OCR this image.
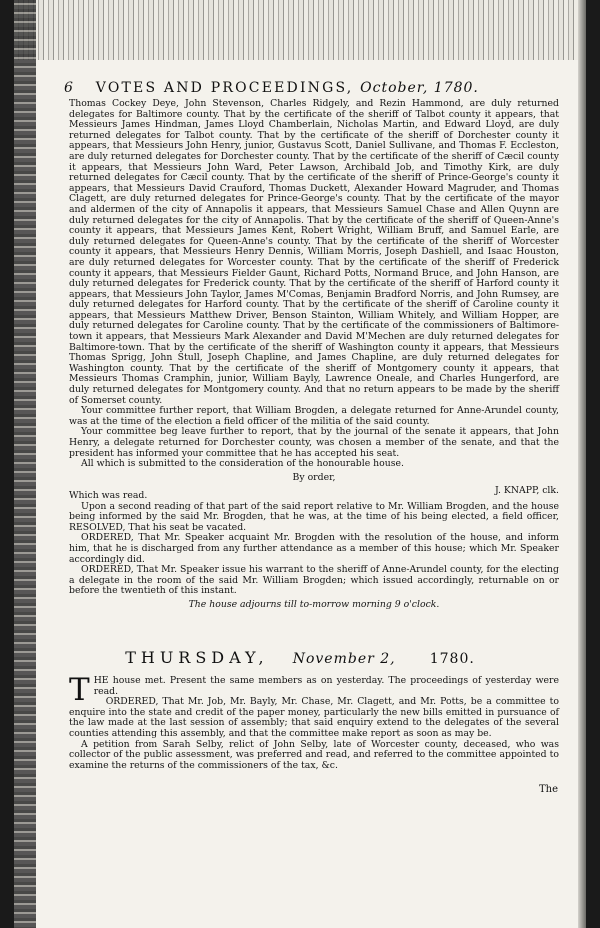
6 VOTES AND PROCEEDINGS, October, 1780.

Thomas Cockey Deye, John Stevenson, Charles Ridgely, and Rezin Hammond, are duly returned delegates for Baltimore county. That by the certificate of the sheriff of Talbot county it appears, that Messieurs James Hindman, James Lloyd Chamberlain, Nicholas Martin, and Edward Lloyd, are duly returned delegates for Talbot county. That by the certificate of the sheriff of Dorchester county it appears, that Messieurs John Henry, junior, Gustavus Scott, Daniel Sullivane, and Thomas F. Eccleston, are duly returned delegates for Dorchester county. That by the certificate of the sheriff of Cæcil county it appears, that Messieurs John Ward, Peter Lawson, Archibald Job, and Timothy Kirk, are duly returned delegates for Cæcil county. That by the certificate of the sheriff of Prince-George's county it appears, that Messieurs David Crauford, Thomas Duckett, Alexander Howard Magruder, and Thomas Clagett, are duly returned delegates for Prince-George's county. That by the certificate of the mayor and aldermen of the city of Annapolis it appears, that Messieurs Samuel Chase and Allen Quynn are duly returned delegates for the city of Annapolis. That by the certificate of the sheriff of Queen-Anne's county it appears, that Messieurs James Kent, Robert Wright, William Bruff, and Samuel Earle, are duly returned delegates for Queen-Anne's county. That by the certificate of the sheriff of Worcester county it appears, that Messieurs Henry Dennis, William Morris, Joseph Dashiell, and Isaac Houston, are duly returned delegates for Worcester county. That by the certificate of the sheriff of Frederick county it appears, that Messieurs Fielder Gaunt, Richard Potts, Normand Bruce, and John Hanson, are duly returned delegates for Frederick county. That by the certificate of the sheriff of Harford county it appears, that Messieurs John Taylor, James M'Comas, Benjamin Bradford Norris, and John Rumsey, are duly returned delegates for Harford county. That by the certificate of the sheriff of Caroline county it appears, that Messieurs Matthew Driver, Benson Stainton, William Whitely, and William Hopper, are duly returned delegates for Caroline county. That by the certificate of the commissioners of Baltimore-town it appears, that Messieurs Mark Alexander and David M'Mechen are duly returned delegates for Baltimore-town. That by the certificate of the sheriff of Washington county it appears, that Messieurs Thomas Sprigg, John Stull, Joseph Chapline, and James Chapline, are duly returned delegates for Washington county. That by the certificate of the sheriff of Montgomery county it appears, that Messieurs Thomas Cramphin, junior, William Bayly, Lawrence Oneale, and Charles Hungerford, are duly returned delegates for Montgomery county. And that no return appears to be made by the sheriff of Somerset county.

Your committee further report, that William Brogden, a delegate returned for Anne-Arundel county, was at the time of the election a field officer of the militia of the said county.

Your committee beg leave further to report, that by the journal of the senate it appears, that John Henry, a delegate returned for Dorchester county, was chosen a member of the senate, and that the president has informed your committee that he has accepted his seat.

All which is submitted to the consideration of the honourable house.

By order,
J. KNAPP, clk.
Which was read.

Upon a second reading of that part of the said report relative to Mr. William Brogden, and the house being informed by the said Mr. Brogden, that he was, at the time of his being elected, a field officer, RESOLVED, That his seat be vacated.

ORDERED, That Mr. Speaker acquaint Mr. Brogden with the resolution of the house, and inform him, that he is discharged from any further attendance as a member of this house; which Mr. Speaker accordingly did.

ORDERED, That Mr. Speaker issue his warrant to the sheriff of Anne-Arundel county, for the electing a delegate in the room of the said Mr. William Brogden; which issued accordingly, returnable on or before the twentieth of this instant.

The house adjourns till to-morrow morning 9 o'clock.
THURSDAY, November 2, 1780.

THE house met. Present the same members as on yesterday. The proceedings of yesterday were read.

ORDERED, That Mr. Job, Mr. Bayly, Mr. Chase, Mr. Clagett, and Mr. Potts, be a committee to enquire into the state and credit of the paper money, particularly the new bills emitted in pursuance of the law made at the last session of assembly; that said enquiry extend to the delegates of the several counties attending this assembly, and that the committee make report as soon as may be.

A petition from Sarah Selby, relict of John Selby, late of Worcester county, deceased, who was collector of the public assessment, was preferred and read, and referred to the committee appointed to examine the returns of the commissioners of the tax, &c.

The
